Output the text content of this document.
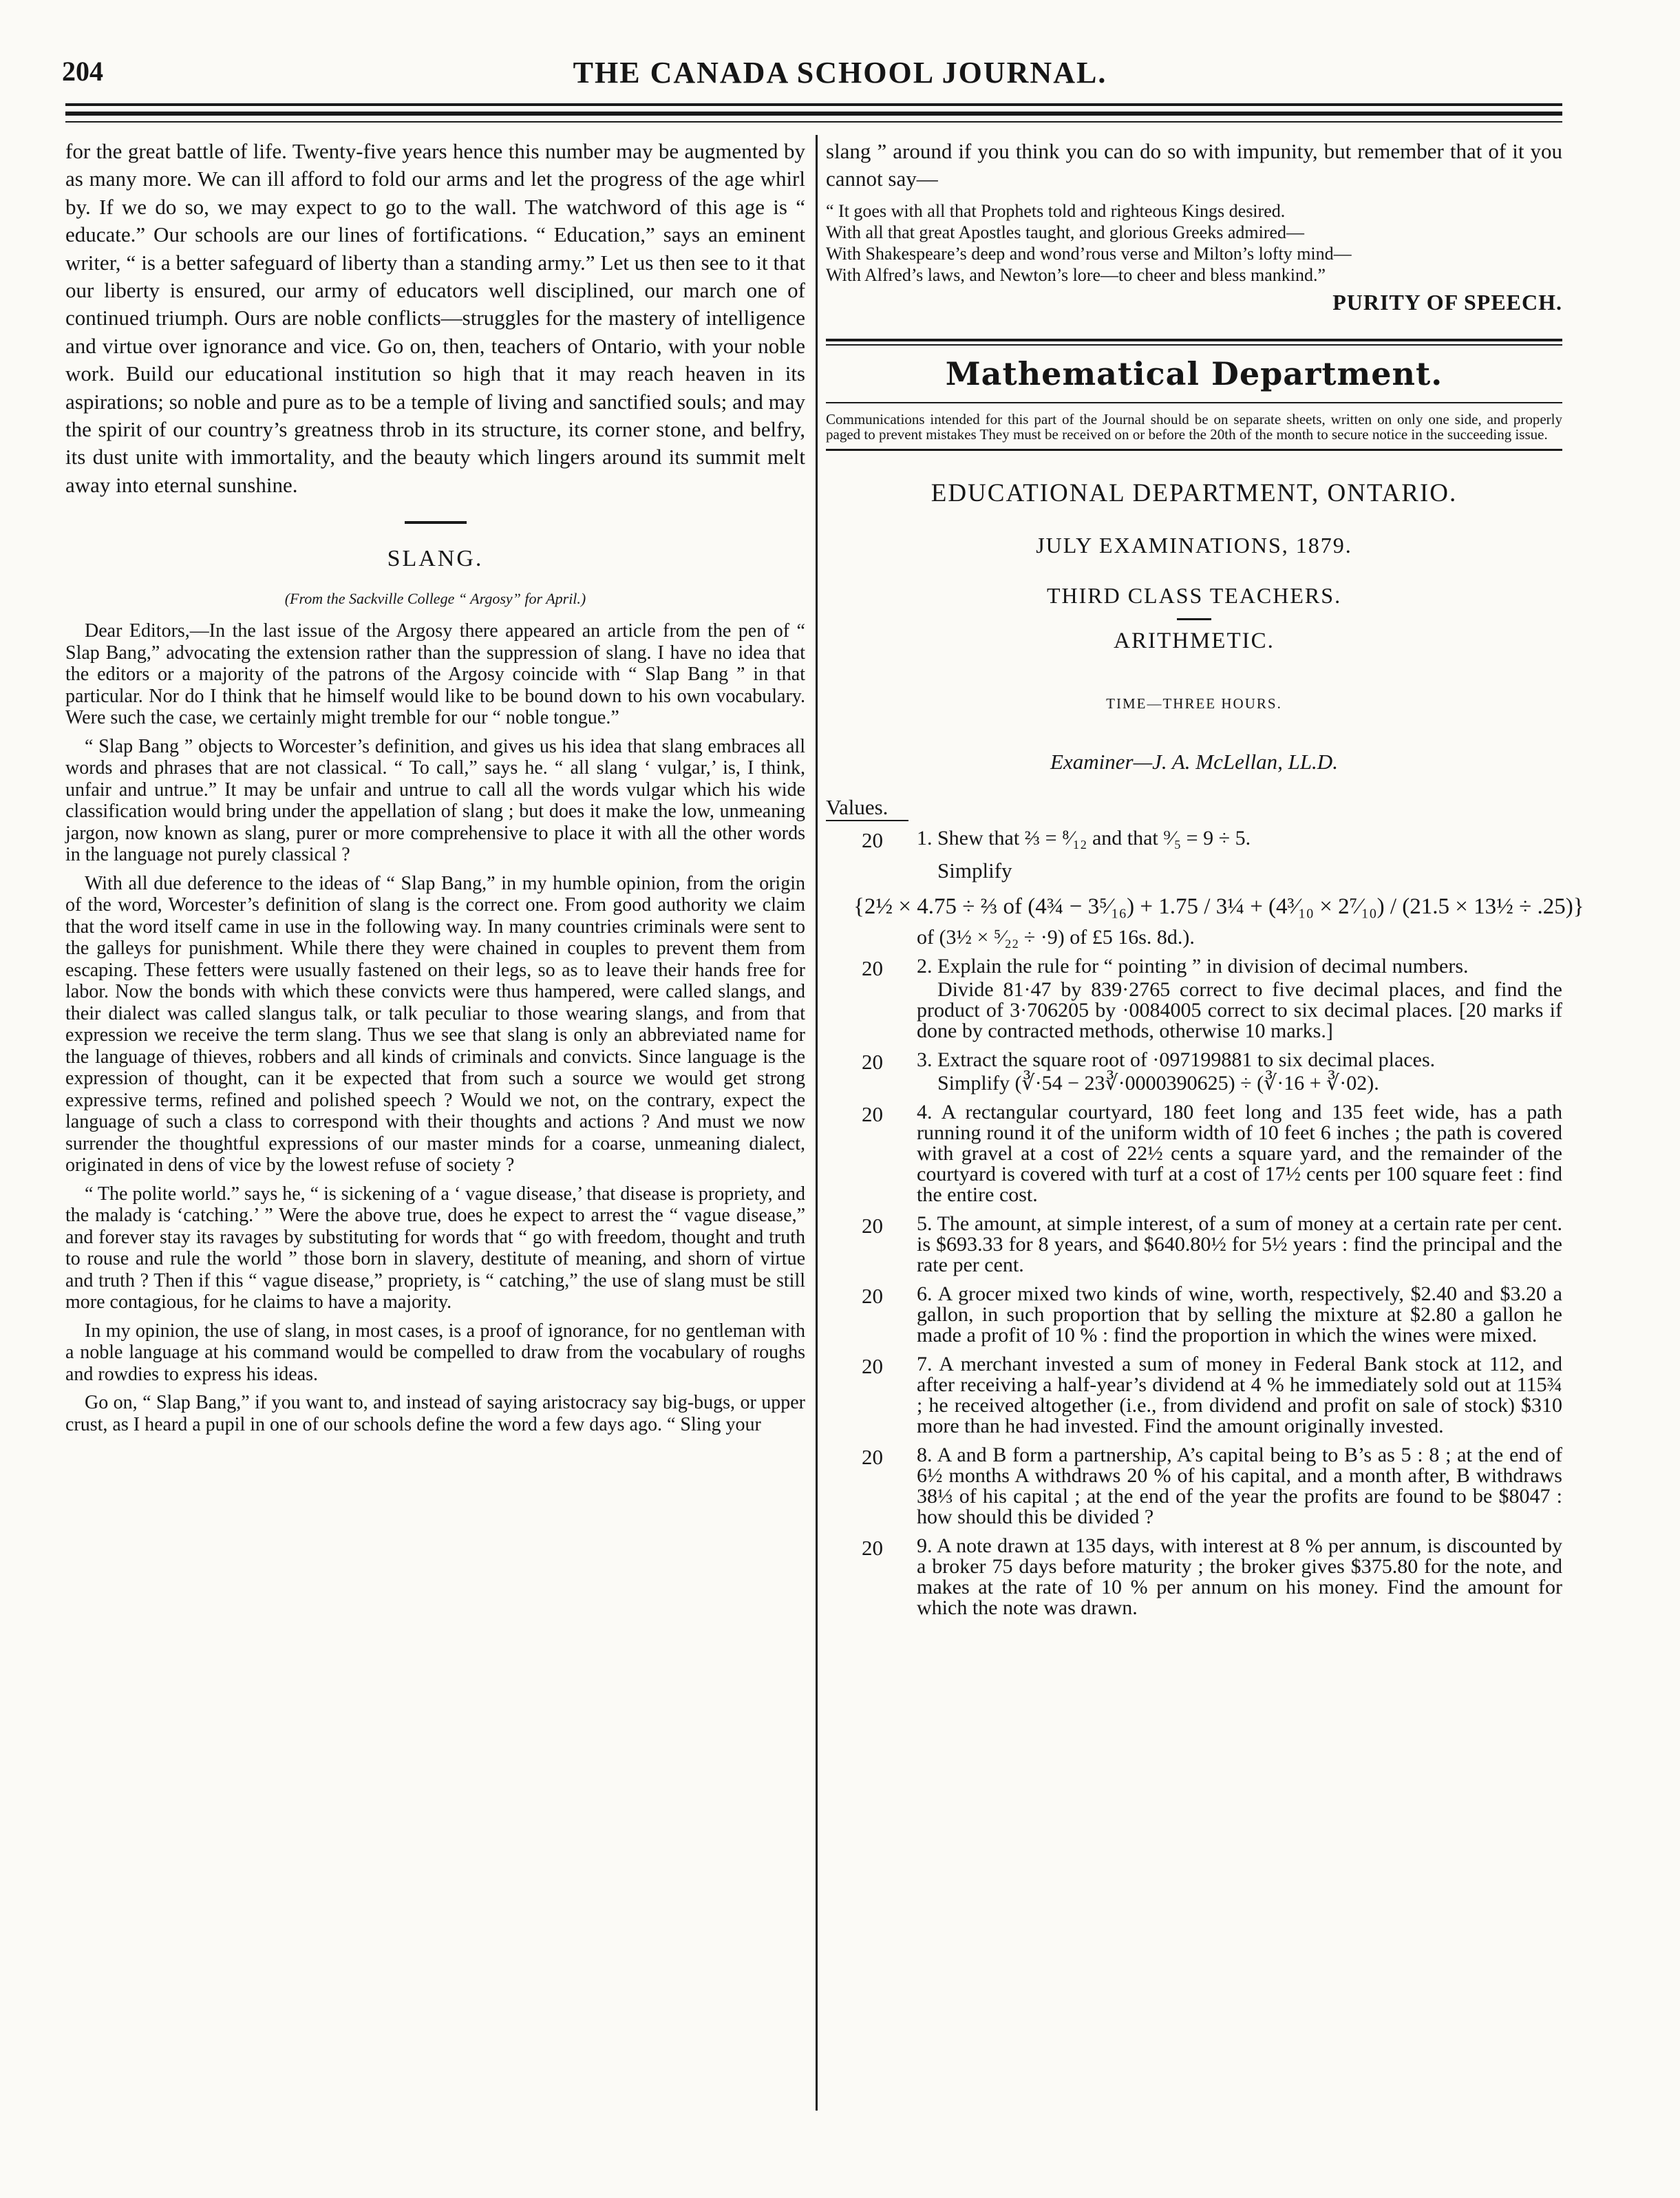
204	THE CANADA SCHOOL JOURNAL.

for the great battle of life. Twenty-five years hence this number may be augmented by as many more. We can ill afford to fold our arms and let the progress of the age whirl by. If we do so, we may expect to go to the wall. The watchword of this age is “ educate.” Our schools are our lines of fortifications. “ Education,” says an eminent writer, “ is a better safeguard of liberty than a standing army.” Let us then see to it that our liberty is ensured, our army of educators well disciplined, our march one of continued triumph. Ours are noble conflicts—struggles for the mastery of intelligence and virtue over ignorance and vice. Go on, then, teachers of Ontario, with your noble work. Build our educational institution so high that it may reach heaven in its aspirations; so noble and pure as to be a temple of living and sanctified souls; and may the spirit of our country’s greatness throb in its structure, its corner stone, and belfry, its dust unite with immortality, and the beauty which lingers around its summit melt away into eternal sunshine.

SLANG.

(From the Sackville College “ Argosy” for April.)

Dear Editors,—In the last issue of the Argosy there appeared an article from the pen of “ Slap Bang,” advocating the extension rather than the suppression of slang. I have no idea that the editors or a majority of the patrons of the Argosy coincide with “ Slap Bang ” in that particular. Nor do I think that he himself would like to be bound down to his own vocabulary. Were such the case, we certainly might tremble for our “ noble tongue.”

“ Slap Bang ” objects to Worcester’s definition, and gives us his idea that slang embraces all words and phrases that are not classical. “ To call,” says he. “ all slang ‘ vulgar,’ is, I think, unfair and untrue.” It may be unfair and untrue to call all the words vulgar which his wide classification would bring under the appellation of slang ; but does it make the low, unmeaning jargon, now known as slang, purer or more comprehensive to place it with all the other words in the language not purely classical ?

With all due deference to the ideas of “ Slap Bang,” in my humble opinion, from the origin of the word, Worcester’s definition of slang is the correct one. From good authority we claim that the word itself came in use in the following way. In many countries criminals were sent to the galleys for punishment. While there they were chained in couples to prevent them from escaping. These fetters were usually fastened on their legs, so as to leave their hands free for labor. Now the bonds with which these convicts were thus hampered, were called slangs, and their dialect was called slangus talk, or talk peculiar to those wearing slangs, and from that expression we receive the term slang. Thus we see that slang is only an abbreviated name for the language of thieves, robbers and all kinds of criminals and convicts. Since language is the expression of thought, can it be expected that from such a source we would get strong expressive terms, refined and polished speech ? Would we not, on the contrary, expect the language of such a class to correspond with their thoughts and actions ? And must we now surrender the thoughtful expressions of our master minds for a coarse, unmeaning dialect, originated in dens of vice by the lowest refuse of society ?

“ The polite world.” says he, “ is sickening of a ‘ vague disease,’ that disease is propriety, and the malady is ‘catching.’ ” Were the above true, does he expect to arrest the “ vague disease,” and forever stay its ravages by substituting for words that “ go with freedom, thought and truth to rouse and rule the world ” those born in slavery, destitute of meaning, and shorn of virtue and truth ? Then if this “ vague disease,” propriety, is “ catching,” the use of slang must be still more contagious, for he claims to have a majority.

In my opinion, the use of slang, in most cases, is a proof of ignorance, for no gentleman with a noble language at his command would be compelled to draw from the vocabulary of roughs and rowdies to express his ideas.

Go on, “ Slap Bang,” if you want to, and instead of saying aristocracy say big-bugs, or upper crust, as I heard a pupil in one of our schools define the word a few days ago. “ Sling your

slang ” around if you think you can do so with impunity, but remember that of it you cannot say—

“ It goes with all that Prophets told and righteous Kings desired.
With all that great Apostles taught, and glorious Greeks admired—
With Shakespeare’s deep and wond’rous verse and Milton’s lofty mind—
With Alfred’s laws, and Newton’s lore—to cheer and bless mankind.”

PURITY OF SPEECH.

Mathematical Department.

Communications intended for this part of the Journal should be on separate sheets, written on only one side, and properly paged to prevent mistakes They must be received on or before the 20th of the month to secure notice in the succeeding issue.

EDUCATIONAL DEPARTMENT, ONTARIO.

JULY EXAMINATIONS, 1879.

THIRD CLASS TEACHERS.

ARITHMETIC.

TIME—THREE HOURS.

Examiner—J. A. McLellan, LL.D.

Values.

20 1. Shew that ⅔ = ⁸⁄₁₂ and that ⁹⁄₅ = 9 ÷ 5.

Simplify

{2½ × 4.75 ÷ ⅔ of (4¾ − 3⁵⁄₁₆) + 1.75 / 3¼ + (4³⁄₁₀ × 2⁷⁄₁₀) / (21.5 × 13½ ÷ .25)}

of (3½ × ⁵⁄₂₂ ÷ ·9) of £5 16s. 8d.).

20 2. Explain the rule for “ pointing ” in division of decimal numbers.

Divide 81·47 by 839·2765 correct to five decimal places, and find the product of 3·706205 by ·0084005 correct to six decimal places. [20 marks if done by contracted methods, otherwise 10 marks.]

20 3. Extract the square root of ·097199881 to six decimal places.

Simplify (∛·54 − 23∛·0000390625) ÷ (∛·16 + ∛·02).

20 4. A rectangular courtyard, 180 feet long and 135 feet wide, has a path running round it of the uniform width of 10 feet 6 inches ; the path is covered with gravel at a cost of 22½ cents a square yard, and the remainder of the courtyard is covered with turf at a cost of 17½ cents per 100 square feet : find the entire cost.

20 5. The amount, at simple interest, of a sum of money at a certain rate per cent. is $693.33 for 8 years, and $640.80½ for 5½ years : find the principal and the rate per cent.

20 6. A grocer mixed two kinds of wine, worth, respectively, $2.40 and $3.20 a gallon, in such proportion that by selling the mixture at $2.80 a gallon he made a profit of 10 % : find the proportion in which the wines were mixed.

20 7. A merchant invested a sum of money in Federal Bank stock at 112, and after receiving a half-year’s dividend at 4 % he immediately sold out at 115¾ ; he received altogether (i.e., from dividend and profit on sale of stock) $310 more than he had invested. Find the amount originally invested.

20 8. A and B form a partnership, A’s capital being to B’s as 5 : 8 ; at the end of 6½ months A withdraws 20 % of his capital, and a month after, B withdraws 38⅓ of his capital ; at the end of the year the profits are found to be $8047 : how should this be divided ?

20 9. A note drawn at 135 days, with interest at 8 % per annum, is discounted by a broker 75 days before maturity ; the broker gives $375.80 for the note, and makes at the rate of 10 % per annum on his money. Find the amount for which the note was drawn.
